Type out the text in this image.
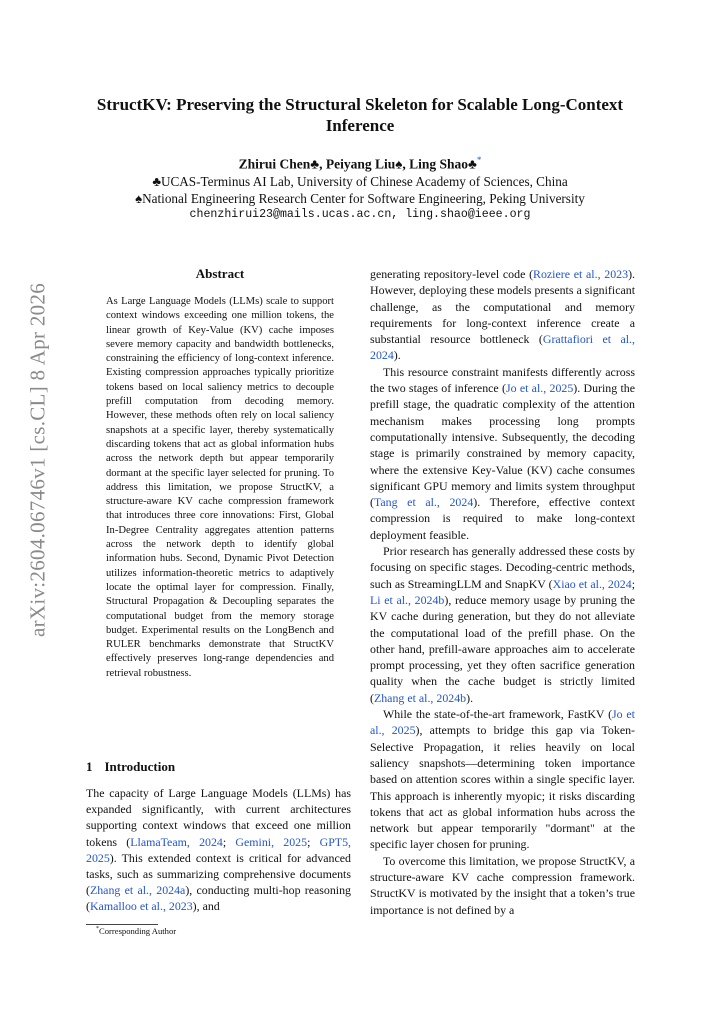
arXiv:2604.06746v1 [cs.CL] 8 Apr 2026
StructKV: Preserving the Structural Skeleton for Scalable Long-Context Inference
Zhirui Chen♣, Peiyang Liu♠, Ling Shao♣*
♣UCAS-Terminus AI Lab, University of Chinese Academy of Sciences, China
♠National Engineering Research Center for Software Engineering, Peking University
chenzhirui23@mails.ucas.ac.cn, ling.shao@ieee.org
Abstract

As Large Language Models (LLMs) scale to support context windows exceeding one million tokens, the linear growth of Key-Value (KV) cache imposes severe memory capacity and bandwidth bottlenecks, constraining the efficiency of long-context inference. Existing compression approaches typically prioritize tokens based on local saliency metrics to decouple prefill computation from decoding memory. However, these methods often rely on local saliency snapshots at a specific layer, thereby systematically discarding tokens that act as global information hubs across the network depth but appear temporarily dormant at the specific layer selected for pruning. To address this limitation, we propose StructKV, a structure-aware KV cache compression framework that introduces three core innovations: First, Global In-Degree Centrality aggregates attention patterns across the network depth to identify global information hubs. Second, Dynamic Pivot Detection utilizes information-theoretic metrics to adaptively locate the optimal layer for compression. Finally, Structural Propagation & Decoupling separates the computational budget from the memory storage budget. Experimental results on the LongBench and RULER benchmarks demonstrate that StructKV effectively preserves long-range dependencies and retrieval robustness.

1 Introduction

The capacity of Large Language Models (LLMs) has expanded significantly, with current architectures supporting context windows that exceed one million tokens (LlamaTeam, 2024; Gemini, 2025; GPT5, 2025). This extended context is critical for advanced tasks, such as summarizing comprehensive documents (Zhang et al., 2024a), conducting multi-hop reasoning (Kamalloo et al., 2023), and

*Corresponding Author

generating repository-level code (Roziere et al., 2023). However, deploying these models presents a significant challenge, as the computational and memory requirements for long-context inference create a substantial resource bottleneck (Grattafiori et al., 2024).

This resource constraint manifests differently across the two stages of inference (Jo et al., 2025). During the prefill stage, the quadratic complexity of the attention mechanism makes processing long prompts computationally intensive. Subsequently, the decoding stage is primarily constrained by memory capacity, where the extensive Key-Value (KV) cache consumes significant GPU memory and limits system throughput (Tang et al., 2024). Therefore, effective context compression is required to make long-context deployment feasible.

Prior research has generally addressed these costs by focusing on specific stages. Decoding-centric methods, such as StreamingLLM and SnapKV (Xiao et al., 2024; Li et al., 2024b), reduce memory usage by pruning the KV cache during generation, but they do not alleviate the computational load of the prefill phase. On the other hand, prefill-aware approaches aim to accelerate prompt processing, yet they often sacrifice generation quality when the cache budget is strictly limited (Zhang et al., 2024b).

While the state-of-the-art framework, FastKV (Jo et al., 2025), attempts to bridge this gap via Token-Selective Propagation, it relies heavily on local saliency snapshots—determining token importance based on attention scores within a single specific layer. This approach is inherently myopic; it risks discarding tokens that act as global information hubs across the network but appear temporarily "dormant" at the specific layer chosen for pruning.

To overcome this limitation, we propose StructKV, a structure-aware KV cache compression framework. StructKV is motivated by the insight that a token’s true importance is not defined by a
